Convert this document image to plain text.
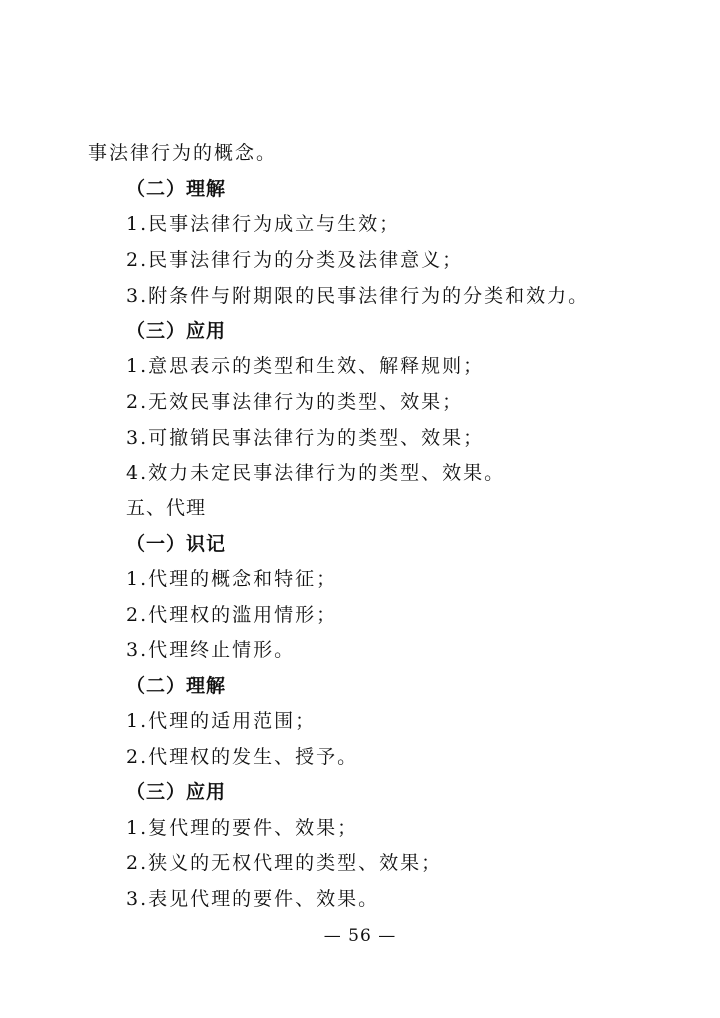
事法律行为的概念。
（二）理解
1.民事法律行为成立与生效；
2.民事法律行为的分类及法律意义；
3.附条件与附期限的民事法律行为的分类和效力。
（三）应用
1.意思表示的类型和生效、解释规则；
2.无效民事法律行为的类型、效果；
3.可撤销民事法律行为的类型、效果；
4.效力未定民事法律行为的类型、效果。
五、代理
（一）识记
1.代理的概念和特征；
2.代理权的滥用情形；
3.代理终止情形。
（二）理解
1.代理的适用范围；
2.代理权的发生、授予。
（三）应用
1.复代理的要件、效果；
2.狭义的无权代理的类型、效果；
3.表见代理的要件、效果。
— 56 —
